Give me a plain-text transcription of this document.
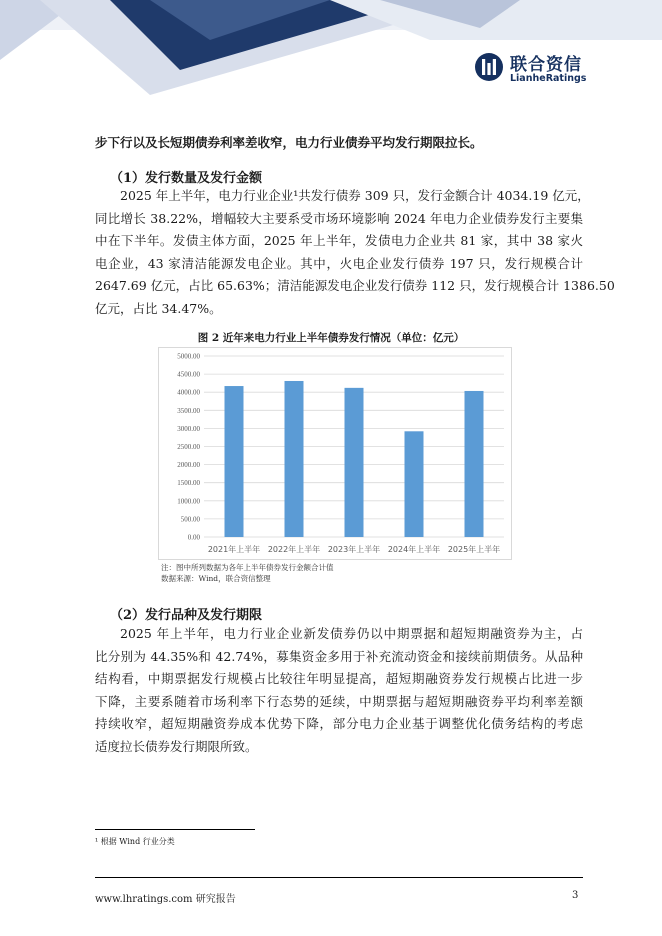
联合资信
LianheRatings
步下行以及长短期债券利率差收窄，电力行业债券平均发行期限拉长。
（1）发行数量及发行金额
2025 年上半年，电力行业企业¹共发行债券 309 只，发行金额合计 4034.19 亿元，
同比增长 38.22%，增幅较大主要系受市场环境影响 2024 年电力企业债券发行主要集
中在下半年。发债主体方面，2025 年上半年，发债电力企业共 81 家，其中 38 家火
电企业，43 家清洁能源发电企业。其中，火电企业发行债券 197 只，发行规模合计
2647.69 亿元，占比 65.63%；清洁能源发电企业发行债券 112 只，发行规模合计 1386.50
亿元，占比 34.47%。
图 2 近年来电力行业上半年债券发行情况（单位：亿元）
0.00
500.00
1000.00
1500.00
2000.00
2500.00
3000.00
3500.00
4000.00
4500.00
5000.00
2021年上半年 2022年上半年 2023年上半年 2024年上半年 2025年上半年
注：图中所列数据为各年上半年债券发行金额合计值
数据来源：Wind，联合资信整理
（2）发行品种及发行期限
2025 年上半年，电力行业企业新发债券仍以中期票据和超短期融资券为主，占
比分别为 44.35%和 42.74%，募集资金多用于补充流动资金和接续前期债务。从品种
结构看，中期票据发行规模占比较往年明显提高，超短期融资券发行规模占比进一步
下降，主要系随着市场利率下行态势的延续，中期票据与超短期融资券平均利率差额
持续收窄，超短期融资券成本优势下降，部分电力企业基于调整优化债务结构的考虑
适度拉长债券发行期限所致。
¹ 根据 Wind 行业分类
www.lhratings.com 研究报告	3
